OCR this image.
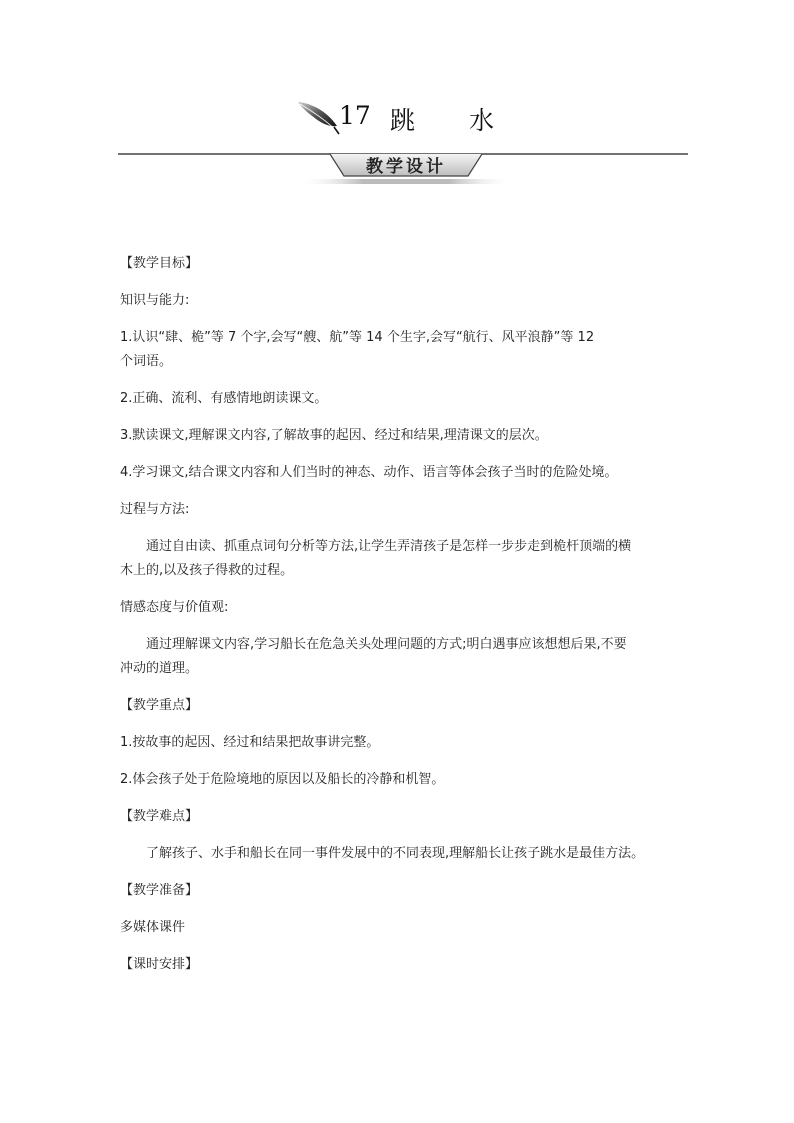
17 跳 水
教学设计

【教学目标】

知识与能力:

1.认识“肆、桅”等 7 个字,会写“艘、航”等 14 个生字,会写“航行、风平浪静”等 12

个词语。

2.正确、流利、有感情地朗读课文。

3.默读课文,理解课文内容,了解故事的起因、经过和结果,理清课文的层次。

4.学习课文,结合课文内容和人们当时的神态、动作、语言等体会孩子当时的危险处境。

过程与方法:

通过自由读、抓重点词句分析等方法,让学生弄清孩子是怎样一步步走到桅杆顶端的横

木上的,以及孩子得救的过程。

情感态度与价值观:

通过理解课文内容,学习船长在危急关头处理问题的方式;明白遇事应该想想后果,不要

冲动的道理。

【教学重点】

1.按故事的起因、经过和结果把故事讲完整。

2.体会孩子处于危险境地的原因以及船长的冷静和机智。

【教学难点】

了解孩子、水手和船长在同一事件发展中的不同表现,理解船长让孩子跳水是最佳方法。

【教学准备】

多媒体课件

【课时安排】
